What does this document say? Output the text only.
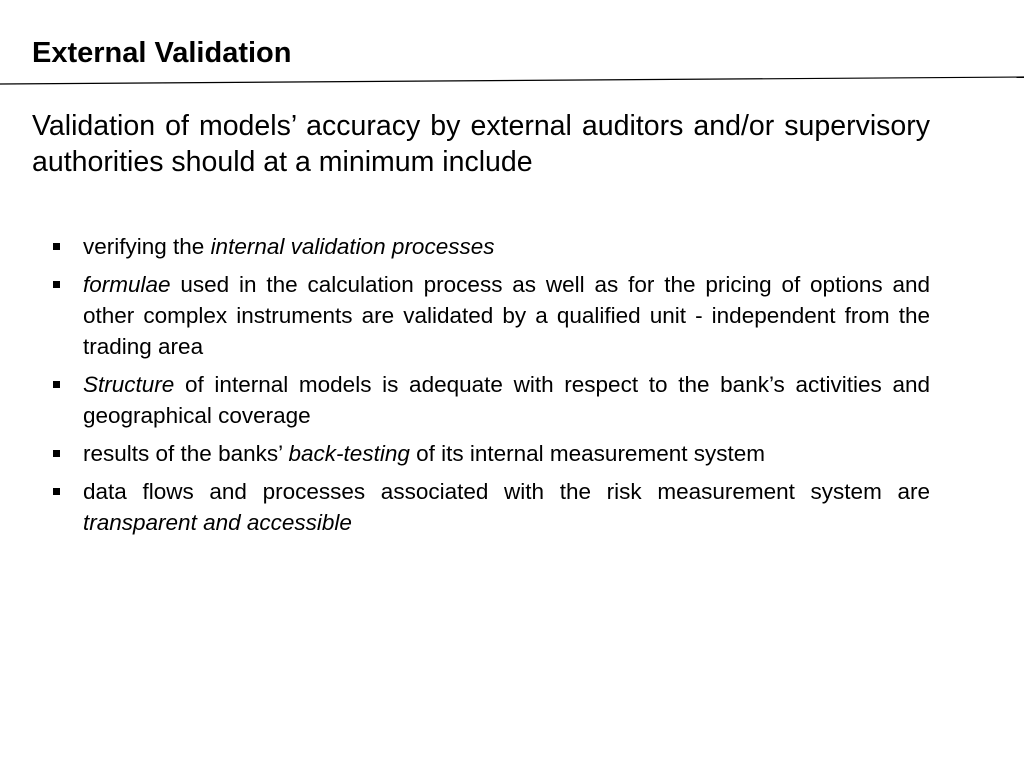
External Validation
Validation of models’ accuracy by external auditors and/or supervisory authorities should at a minimum include
verifying the internal validation processes
formulae used in the calculation process as well as for the pricing of options and other complex instruments are validated by a qualified unit - independent from the trading area
Structure of internal models is adequate with respect to the bank’s activities and geographical coverage
results of the banks’ back-testing of its internal measurement system
data flows and processes associated with the risk measurement system are transparent and accessible
